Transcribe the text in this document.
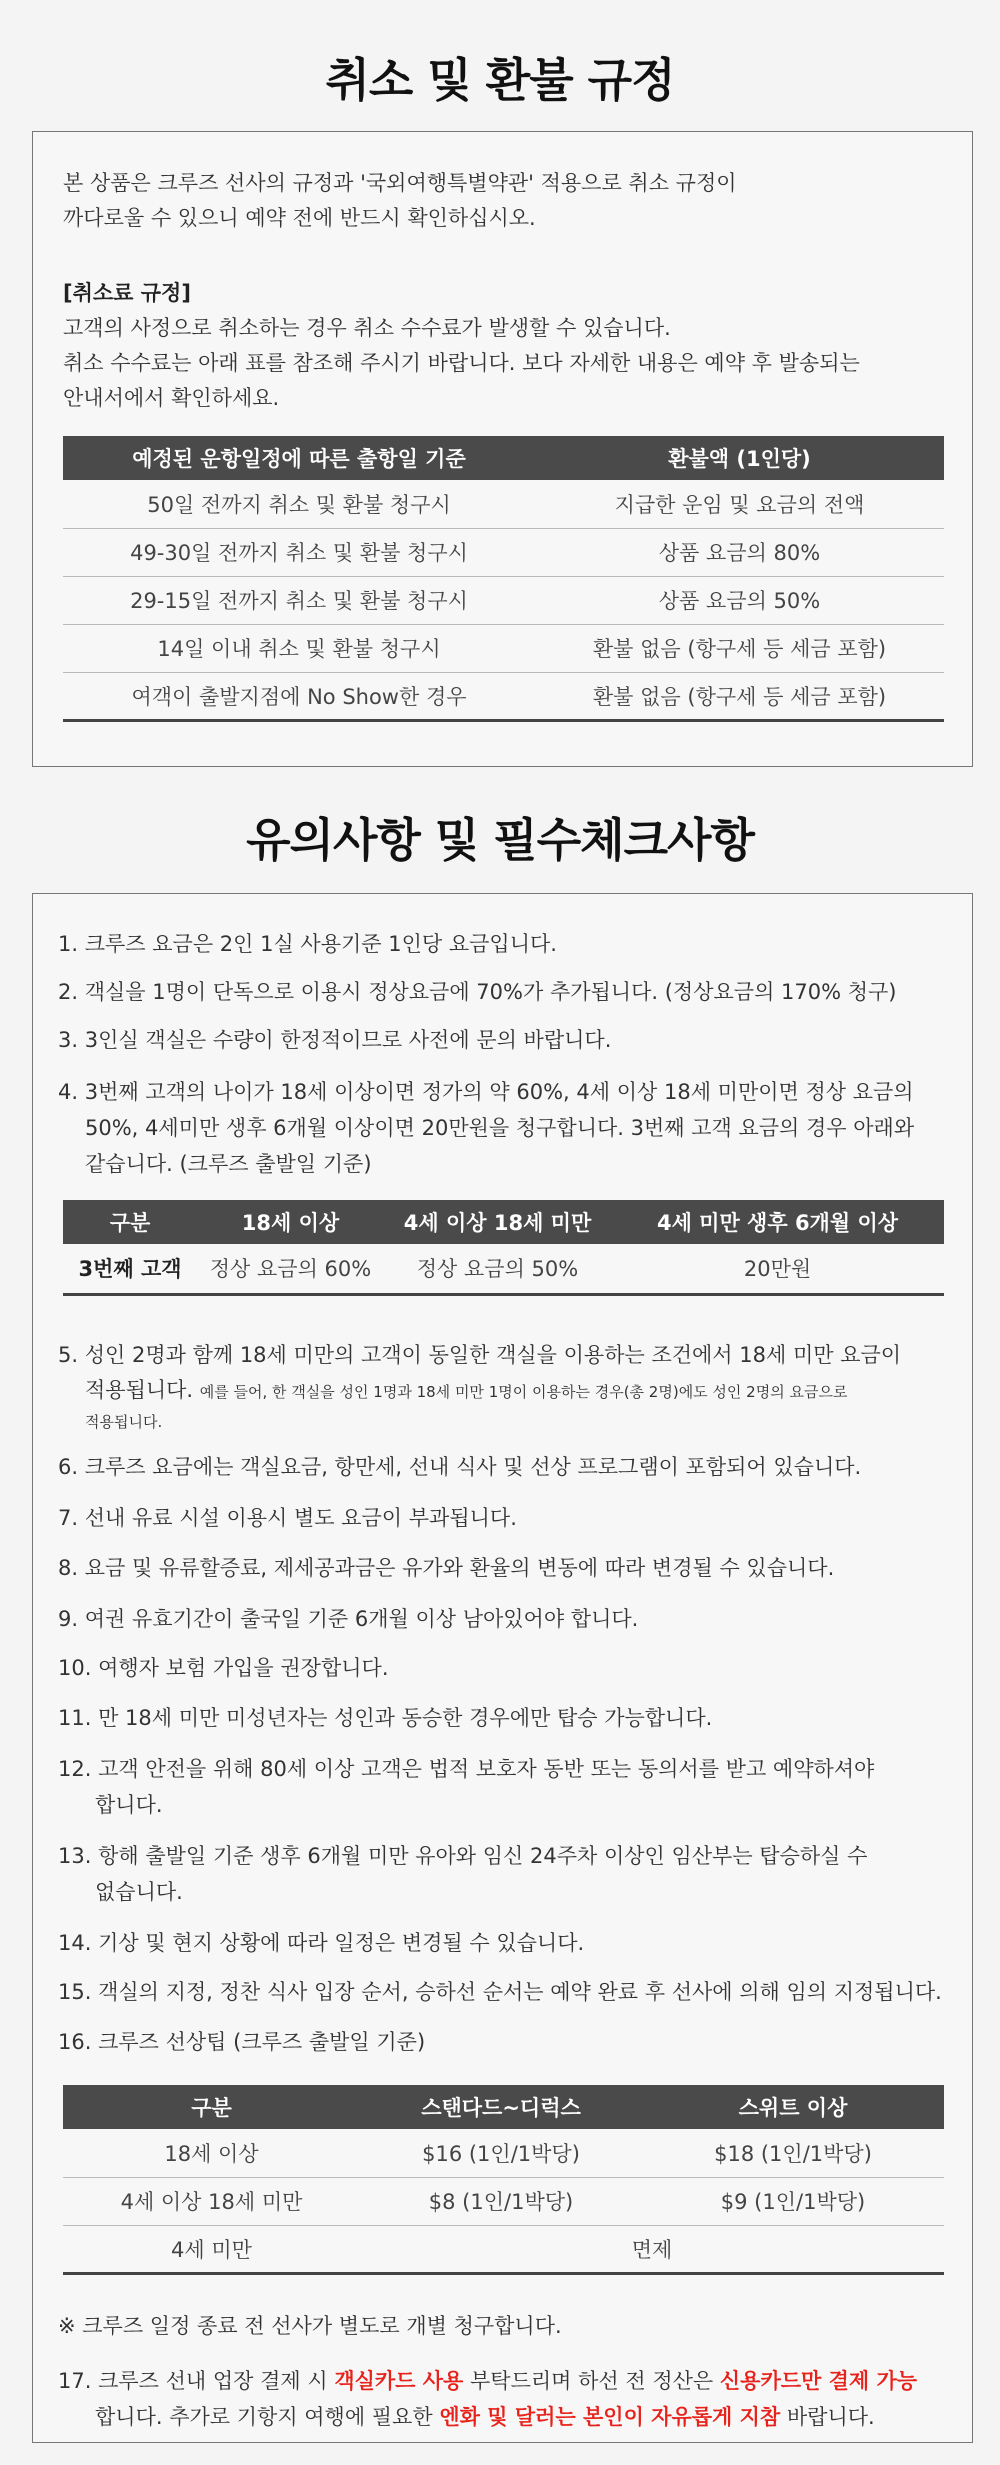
취소 및 환불 규정
본 상품은 크루즈 선사의 규정과 '국외여행특별약관' 적용으로 취소 규정이
까다로울 수 있으니 예약 전에 반드시 확인하십시오.
[취소료 규정]
고객의 사정으로 취소하는 경우 취소 수수료가 발생할 수 있습니다.
취소 수수료는 아래 표를 참조해 주시기 바랍니다. 보다 자세한 내용은 예약 후 발송되는
안내서에서 확인하세요.
예정된 운항일정에 따른 출항일 기준	환불액 (1인당)
50일 전까지 취소 및 환불 청구시	지급한 운임 및 요금의 전액
49-30일 전까지 취소 및 환불 청구시	상품 요금의 80%
29-15일 전까지 취소 및 환불 청구시	상품 요금의 50%
14일 이내 취소 및 환불 청구시	환불 없음 (항구세 등 세금 포함)
여객이 출발지점에 No Show한 경우	환불 없음 (항구세 등 세금 포함)
유의사항 및 필수체크사항
1. 크루즈 요금은 2인 1실 사용기준 1인당 요금입니다.
2. 객실을 1명이 단독으로 이용시 정상요금에 70%가 추가됩니다. (정상요금의 170% 청구)
3. 3인실 객실은 수량이 한정적이므로 사전에 문의 바랍니다.
4. 3번째 고객의 나이가 18세 이상이면 정가의 약 60%, 4세 이상 18세 미만이면 정상 요금의
50%, 4세미만 생후 6개월 이상이면 20만원을 청구합니다. 3번째 고객 요금의 경우 아래와
같습니다. (크루즈 출발일 기준)
구분	18세 이상	4세 이상 18세 미만	4세 미만 생후 6개월 이상
3번째 고객	정상 요금의 60%	정상 요금의 50%	20만원
5. 성인 2명과 함께 18세 미만의 고객이 동일한 객실을 이용하는 조건에서 18세 미만 요금이
적용됩니다. 예를 들어, 한 객실을 성인 1명과 18세 미만 1명이 이용하는 경우(총 2명)에도 성인 2명의 요금으로
적용됩니다.
6. 크루즈 요금에는 객실요금, 항만세, 선내 식사 및 선상 프로그램이 포함되어 있습니다.
7. 선내 유료 시설 이용시 별도 요금이 부과됩니다.
8. 요금 및 유류할증료, 제세공과금은 유가와 환율의 변동에 따라 변경될 수 있습니다.
9. 여권 유효기간이 출국일 기준 6개월 이상 남아있어야 합니다.
10. 여행자 보험 가입을 권장합니다.
11. 만 18세 미만 미성년자는 성인과 동승한 경우에만 탑승 가능합니다.
12. 고객 안전을 위해 80세 이상 고객은 법적 보호자 동반 또는 동의서를 받고 예약하셔야
합니다.
13. 항해 출발일 기준 생후 6개월 미만 유아와 임신 24주차 이상인 임산부는 탑승하실 수
없습니다.
14. 기상 및 현지 상황에 따라 일정은 변경될 수 있습니다.
15. 객실의 지정, 정찬 식사 입장 순서, 승하선 순서는 예약 완료 후 선사에 의해 임의 지정됩니다.
16. 크루즈 선상팁 (크루즈 출발일 기준)
구분	스탠다드~디럭스	스위트 이상
18세 이상	$16 (1인/1박당)	$18 (1인/1박당)
4세 이상 18세 미만	$8 (1인/1박당)	$9 (1인/1박당)
4세 미만	면제	
※ 크루즈 일정 종료 전 선사가 별도로 개별 청구합니다.
17. 크루즈 선내 업장 결제 시 객실카드 사용 부탁드리며 하선 전 정산은 신용카드만 결제 가능
합니다. 추가로 기항지 여행에 필요한 엔화 및 달러는 본인이 자유롭게 지참 바랍니다.
